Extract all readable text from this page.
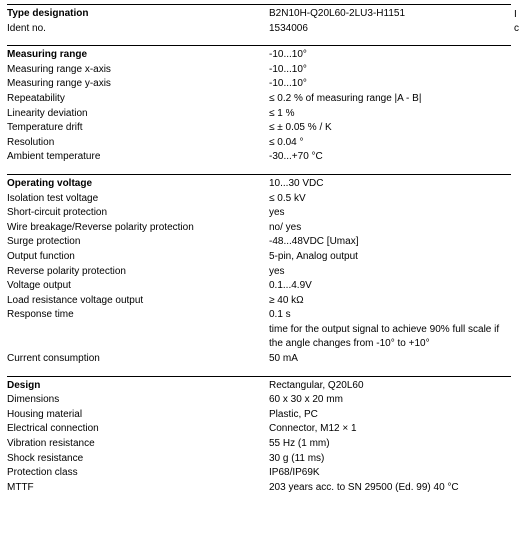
Type designation	B2N10H-Q20L60-2LU3-H1151
Ident no.	1534006
Measuring range	-10...10°
Measuring range x-axis	-10...10°
Measuring range y-axis	-10...10°
Repeatability	≤ 0.2 % of measuring range |A - B|
Linearity deviation	≤ 1 %
Temperature drift	≤ ± 0.05 % / K
Resolution	≤ 0.04 °
Ambient temperature	-30...+70 °C
Operating voltage	10...30 VDC
Isolation test voltage	≤ 0.5 kV
Short-circuit protection	yes
Wire breakage/Reverse polarity protection	no/ yes
Surge protection	-48...48VDC [Umax]
Output function	5-pin, Analog output
Reverse polarity protection	yes
Voltage output	0.1...4.9V
Load resistance voltage output	≥ 40 kΩ
Response time	0.1 s
time for the output signal to achieve 90% full scale if the angle changes from -10° to +10°
Current consumption	50 mA
Design	Rectangular, Q20L60
Dimensions	60 x 30 x 20 mm
Housing material	Plastic, PC
Electrical connection	Connector, M12 × 1
Vibration resistance	55 Hz (1 mm)
Shock resistance	30 g (11 ms)
Protection class	IP68/IP69K
MTTF	203 years acc. to SN 29500 (Ed. 99) 40 °C
I
c
